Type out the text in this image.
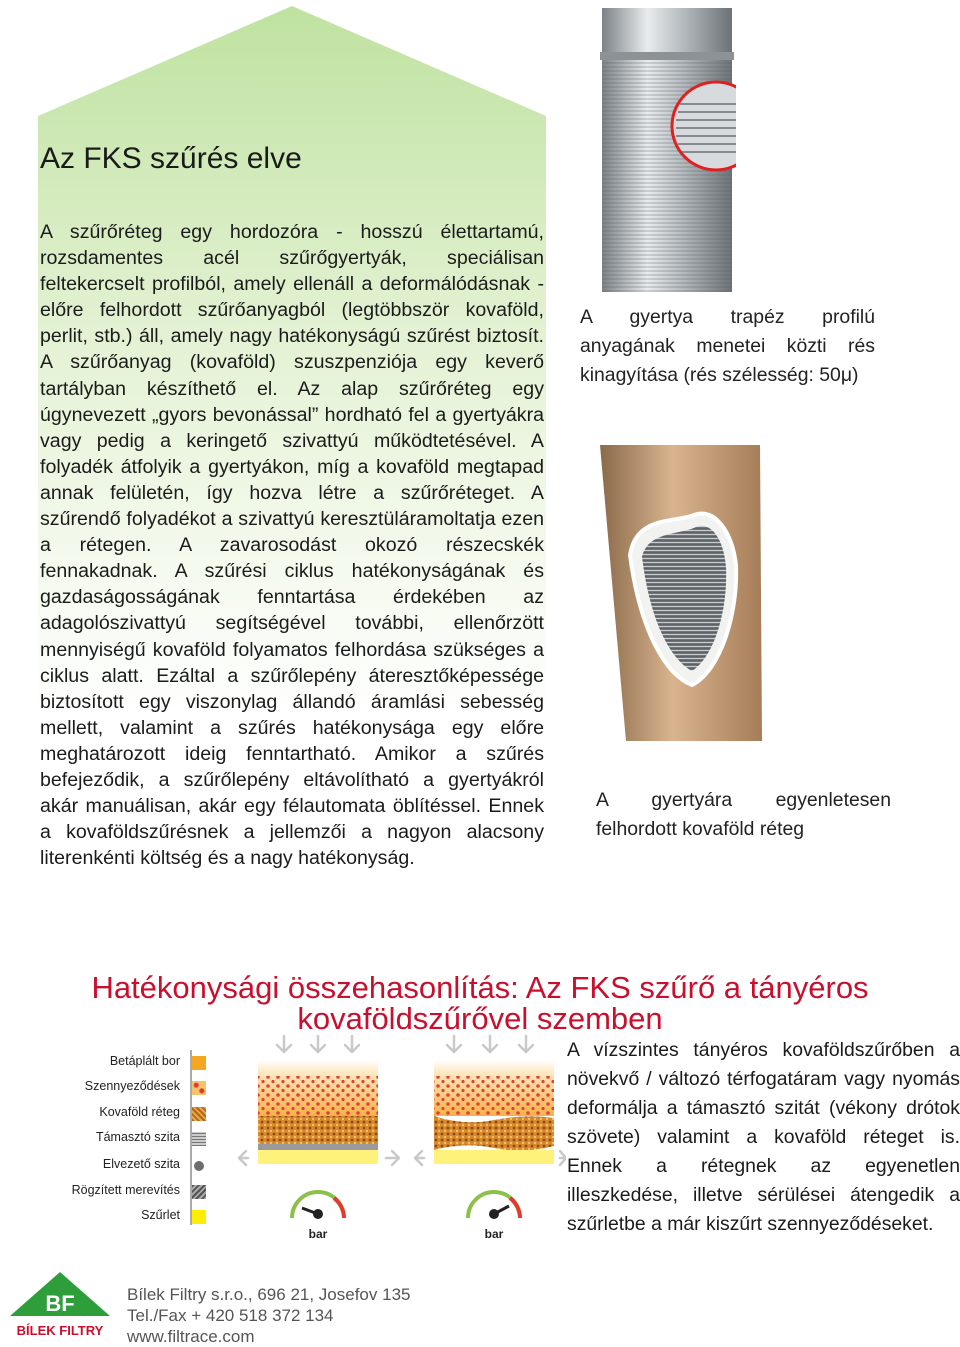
Az FKS szűrés elve
A szűrőréteg egy hordozóra - hosszú élettartamú, rozsdamentes acél szűrőgyertyák, speciálisan feltekercselt profilból, amely ellenáll a deformálódásnak - előre felhordott szűrőanyagból (legtöbbször kovaföld, perlit, stb.) áll, amely nagy hatékonyságú szűrést biztosít. A szűrőanyag (kovaföld) szuszpenziója egy keverő tartályban készíthető el. Az alap szűrőréteg egy úgynevezett „gyors bevonással” hordható fel a gyertyákra vagy pedig a keringető szivattyú működtetésével. A folyadék átfolyik a gyertyákon, míg a kovaföld megtapad annak felületén, így hozva létre a szűrőréteget. A szűrendő folyadékot a szivattyú keresztüláramoltatja ezen a rétegen. A zavarosodást okozó részecskék fennakadnak. A szűrési ciklus hatékonyságának és gazdaságosságának fenntartása érdekében az adagolószivattyú segítségével további, ellenőrzött mennyiségű kovaföld folyamatos felhordása szükséges a ciklus alatt. Ezáltal a szűrőlepény áteresztőképessége biztosított egy viszonylag állandó áramlási sebesség mellett, valamint a szűrés hatékonysága egy előre meghatározott ideig fenntartható. Amikor a szűrés befejeződik, a szűrőlepény eltávolítható a gyertyákról akár manuálisan, akár egy félautomata öblítéssel. Ennek a kovaföldszűrésnek a jellemzői a nagyon alacsony literenkénti költség és a nagy hatékonyság.
A gyertya trapéz profilú anyagának menetei közti rés kinagyítása (rés szélesség: 50μ)
A gyertyára egyenletesen
felhordott kovaföld réteg
Hatékonysági összehasonlítás: Az FKS szűrő a tányéros kovaföldszűrővel szemben
Betáplált bor
Szennyeződések
Kovaföld réteg
Támasztó szita
Elvezető szita
Rögzített merevítés
Szűrlet
bar	bar
A vízszintes tányéros kovaföldszűrőben a növekvő / változó térfogatáram vagy nyomás deformálja a támasztó szitát (vékony drótok szövete) valamint a kovaföld réteget is. Ennek a rétegnek az egyenetlen illeszkedése, illetve sérülései átengedik a szűrletbe a már kiszűrt szennyeződéseket.
BF
BÍLEK FILTRY
Bílek Filtry s.r.o., 696 21, Josefov 135
Tel./Fax + 420 518 372 134
www.filtrace.com
